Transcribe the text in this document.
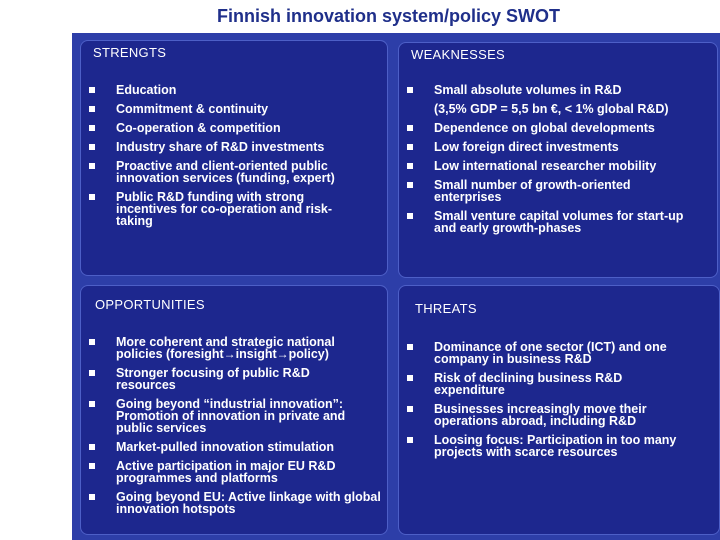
Finnish innovation system/policy SWOT
STRENGTS
Education
Commitment & continuity
Co-operation & competition
Industry share of R&D investments
Proactive and client-oriented public innovation services (funding, expert)
Public R&D funding with strong incentives for co-operation and risk-taking
WEAKNESSES
Small absolute volumes in R&D
(3,5% GDP = 5,5 bn €, < 1% global R&D)
Dependence on global developments
Low foreign direct investments
Low international researcher mobility
Small number of growth-oriented enterprises
Small venture capital volumes for start-up and early growth-phases
OPPORTUNITIES
More coherent and strategic national policies (foresight→insight→policy)
Stronger focusing of public R&D resources
Going beyond “industrial innovation”: Promotion of innovation in private and public services
Market-pulled innovation stimulation
Active participation in major EU R&D programmes and platforms
Going beyond EU: Active linkage with global innovation hotspots
THREATS
Dominance of one sector (ICT) and one company in business R&D
Risk of declining business R&D expenditure
Businesses increasingly move their operations abroad, including R&D
Loosing focus: Participation in too many projects with scarce resources
